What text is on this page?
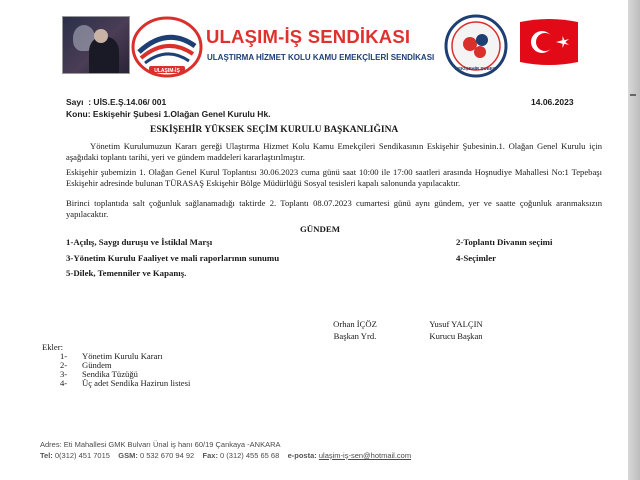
ULAŞIM-İŞ
ULAŞIM-İŞ SENDİKASI
ULAŞTIRMA HİZMET KOLU KAMU EMEKÇİLERİ SENDİKASI
ESKİŞEHİR ŞUBESİ
Sayı : UİS.E.Ş.14.06/ 001	14.06.2023
Konu: Eskişehir Şubesi 1.Olağan Genel Kurulu Hk.
ESKİŞEHİR YÜKSEK SEÇİM KURULU BAŞKANLIĞINA
Yönetim Kurulumuzun Kararı gereği Ulaştırma Hizmet Kolu Kamu Emekçileri Sendikasının Eskişehir Şubesinin.1. Olağan Genel Kurulu için aşağıdaki toplantı tarihi, yeri ve gündem maddeleri kararlaştırılmıştır.
Eskişehir şubemizin 1. Olağan Genel Kurul Toplantısı 30.06.2023 cuma günü saat 10:00 ile 17:00 saatleri arasında Hoşnudiye Mahallesi No:1 Tepebaşı Eskişehir adresinde bulunan TÜRASAŞ Eskişehir Bölge Müdürlüğü Sosyal tesisleri kapalı salonunda yapılacaktır.
Birinci toplantıda salt çoğunluk sağlanamadığı taktirde 2. Toplantı 08.07.2023 cumartesi günü aynı gündem, yer ve saatte çoğunluk aranmaksızın yapılacaktır.
GÜNDEM
1-Açılış, Saygı duruşu ve İstiklal Marşı	2-Toplantı Divanın seçimi
3-Yönetim Kurulu Faaliyet ve mali raporlarının sunumu	4-Seçimler
5-Dilek, Temenniler ve Kapanış.
Orhan İÇÖZ
Başkan Yrd.
Yusuf YALÇIN
Kurucu Başkan
Ekler:
1- Yönetim Kurulu Kararı
2- Gündem
3- Sendika Tüzüğü
4- Üç adet Sendika Hazirun listesi
Adres: Eti Mahallesi GMK Bulvarı Ünal iş hanı 60/19 Çankaya -ANKARA
Tel: 0(312) 451 7015 GSM: 0 532 670 94 92 Fax: 0 (312) 455 65 68 e-posta: ulaşim-iş-sen@hotmail.com
